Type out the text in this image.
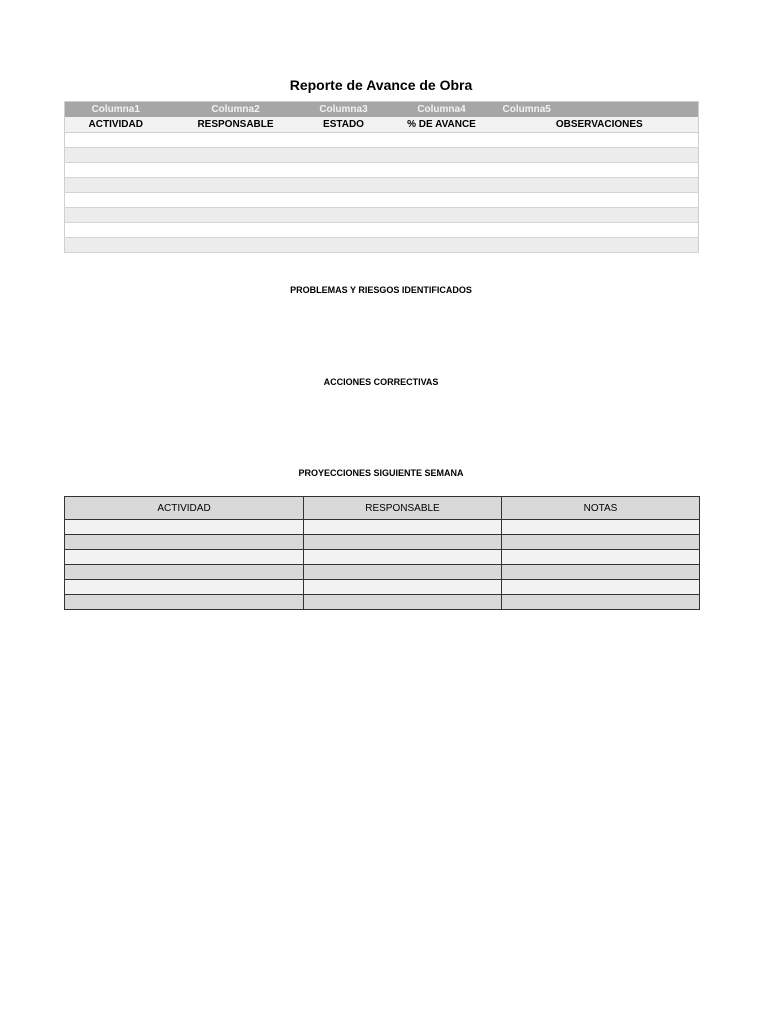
Reporte de Avance de Obra
Columna1	Columna2	Columna3	Columna4	Columna5
ACTIVIDAD	RESPONSABLE	ESTADO	% DE AVANCE	OBSERVACIONES

PROBLEMAS Y RIESGOS IDENTIFICADOS
ACCIONES CORRECTIVAS
PROYECCIONES SIGUIENTE SEMANA
ACTIVIDAD	RESPONSABLE	NOTAS
